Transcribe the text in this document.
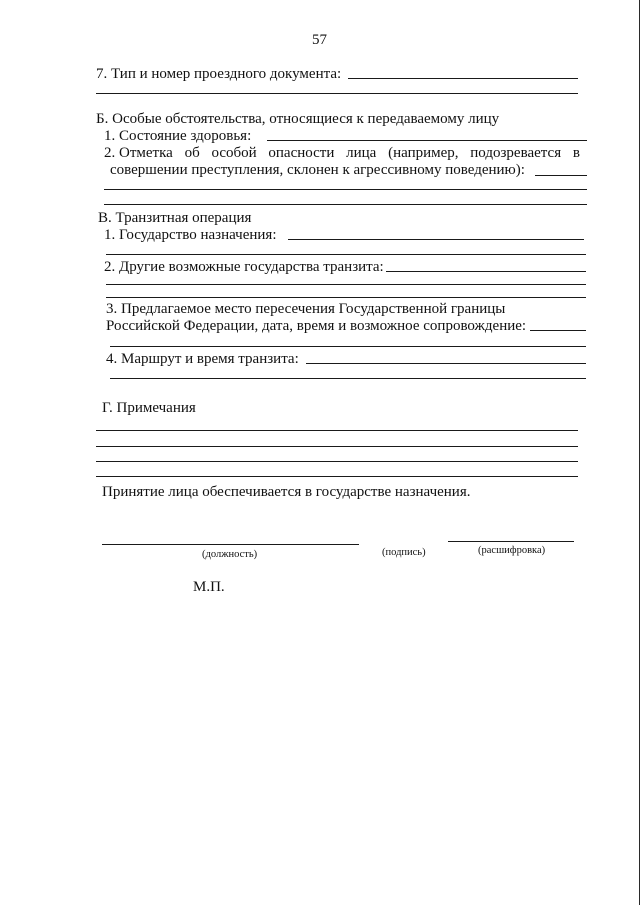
57
7. Тип и номер проездного документа:
Б. Особые обстоятельства, относящиеся к передаваемому лицу
1. Состояние здоровья:
2. Отметка об особой опасности лица (например, подозревается в
совершении преступления, склонен к агрессивному поведению):
В. Транзитная операция
1. Государство назначения:
2. Другие возможные государства транзита:
3. Предлагаемое место пересечения Государственной границы
Российской Федерации, дата, время и возможное сопровождение:
4. Маршрут и время транзита:
Г. Примечания
Принятие лица обеспечивается в государстве назначения.
(должность)	(подпись)	(расшифровка)
М.П.
